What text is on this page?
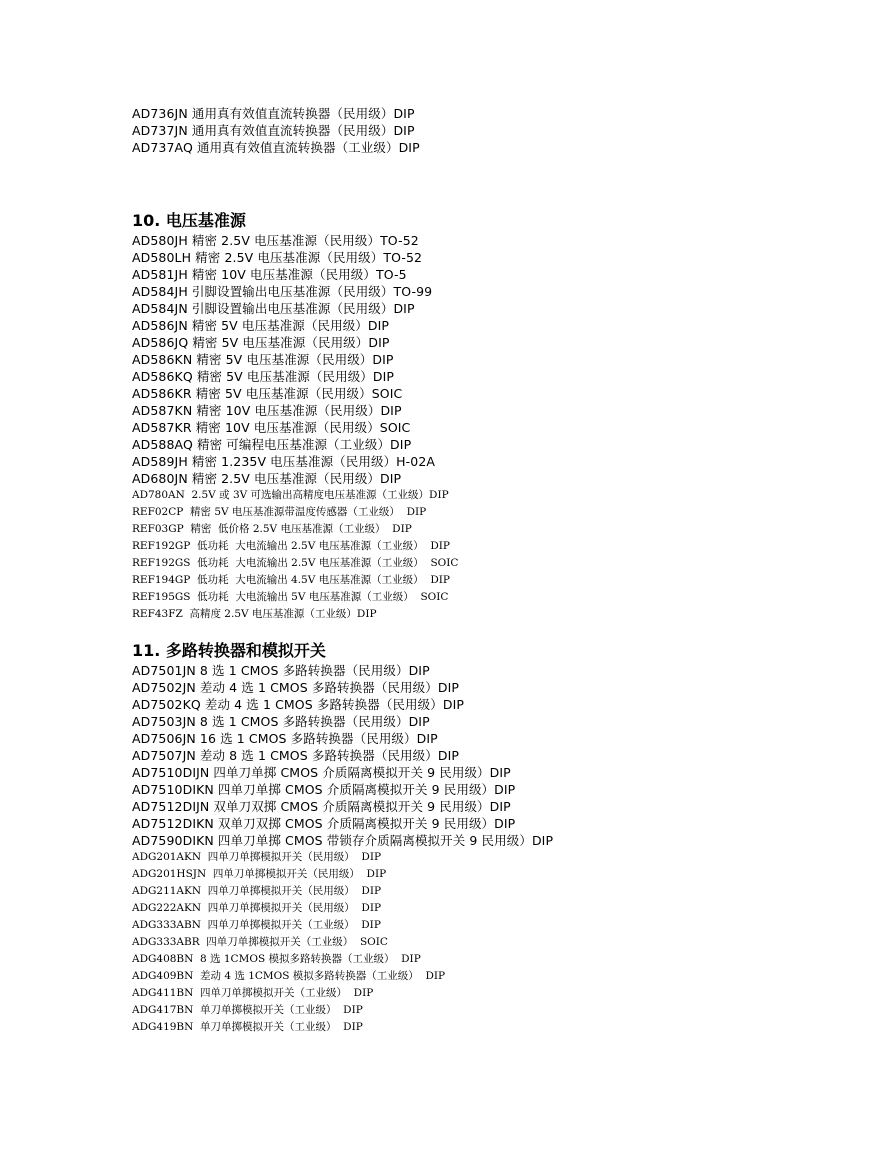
AD736JN 通用真有效值直流转换器（民用级）DIP
AD737JN 通用真有效值直流转换器（民用级）DIP
AD737AQ 通用真有效值直流转换器（工业级）DIP
10. 电压基准源
AD580JH 精密 2.5V 电压基准源（民用级）TO-52
AD580LH 精密 2.5V 电压基准源（民用级）TO-52
AD581JH 精密 10V 电压基准源（民用级）TO-5
AD584JH 引脚设置输出电压基准源（民用级）TO-99
AD584JN 引脚设置输出电压基准源（民用级）DIP
AD586JN 精密 5V 电压基准源（民用级）DIP
AD586JQ 精密 5V 电压基准源（民用级）DIP
AD586KN 精密 5V 电压基准源（民用级）DIP
AD586KQ 精密 5V 电压基准源（民用级）DIP
AD586KR 精密 5V 电压基准源（民用级）SOIC
AD587KN 精密 10V 电压基准源（民用级）DIP
AD587KR 精密 10V 电压基准源（民用级）SOIC
AD588AQ 精密 可编程电压基准源（工业级）DIP
AD589JH 精密 1.235V 电压基准源（民用级）H-02A
AD680JN 精密 2.5V 电压基准源（民用级）DIP
AD780AN  2.5V 或 3V 可选输出高精度电压基准源（工业级）DIP
REF02CP  精密 5V 电压基准源带温度传感器（工业级）  DIP
REF03GP  精密  低价格 2.5V 电压基准源（工业级）  DIP
REF192GP  低功耗  大电流输出 2.5V 电压基准源（工业级）  DIP
REF192GS  低功耗  大电流输出 2.5V 电压基准源（工业级）  SOIC
REF194GP  低功耗  大电流输出 4.5V 电压基准源（工业级）  DIP
REF195GS  低功耗  大电流输出 5V 电压基准源（工业级）  SOIC
REF43FZ  高精度 2.5V 电压基准源（工业级）DIP
11. 多路转换器和模拟开关
AD7501JN 8 选 1 CMOS 多路转换器（民用级）DIP
AD7502JN 差动 4 选 1 CMOS 多路转换器（民用级）DIP
AD7502KQ 差动 4 选 1 CMOS 多路转换器（民用级）DIP
AD7503JN 8 选 1 CMOS 多路转换器（民用级）DIP
AD7506JN 16 选 1 CMOS 多路转换器（民用级）DIP
AD7507JN 差动 8 选 1 CMOS 多路转换器（民用级）DIP
AD7510DIJN 四单刀单掷 CMOS 介质隔离模拟开关 9 民用级）DIP
AD7510DIKN 四单刀单掷 CMOS 介质隔离模拟开关 9 民用级）DIP
AD7512DIJN 双单刀双掷 CMOS 介质隔离模拟开关 9 民用级）DIP
AD7512DIKN 双单刀双掷 CMOS 介质隔离模拟开关 9 民用级）DIP
AD7590DIKN 四单刀单掷 CMOS 带锁存介质隔离模拟开关 9 民用级）DIP
ADG201AKN  四单刀单掷模拟开关（民用级）  DIP
ADG201HSJN  四单刀单掷模拟开关（民用级）  DIP
ADG211AKN  四单刀单掷模拟开关（民用级）  DIP
ADG222AKN  四单刀单掷模拟开关（民用级）  DIP
ADG333ABN  四单刀单掷模拟开关（工业级）  DIP
ADG333ABR  四单刀单掷模拟开关（工业级）  SOIC
ADG408BN  8 选 1CMOS 模拟多路转换器（工业级）  DIP
ADG409BN  差动 4 选 1CMOS 模拟多路转换器（工业级）  DIP
ADG411BN  四单刀单掷模拟开关（工业级）  DIP
ADG417BN  单刀单掷模拟开关（工业级）  DIP
ADG419BN  单刀单掷模拟开关（工业级）  DIP
